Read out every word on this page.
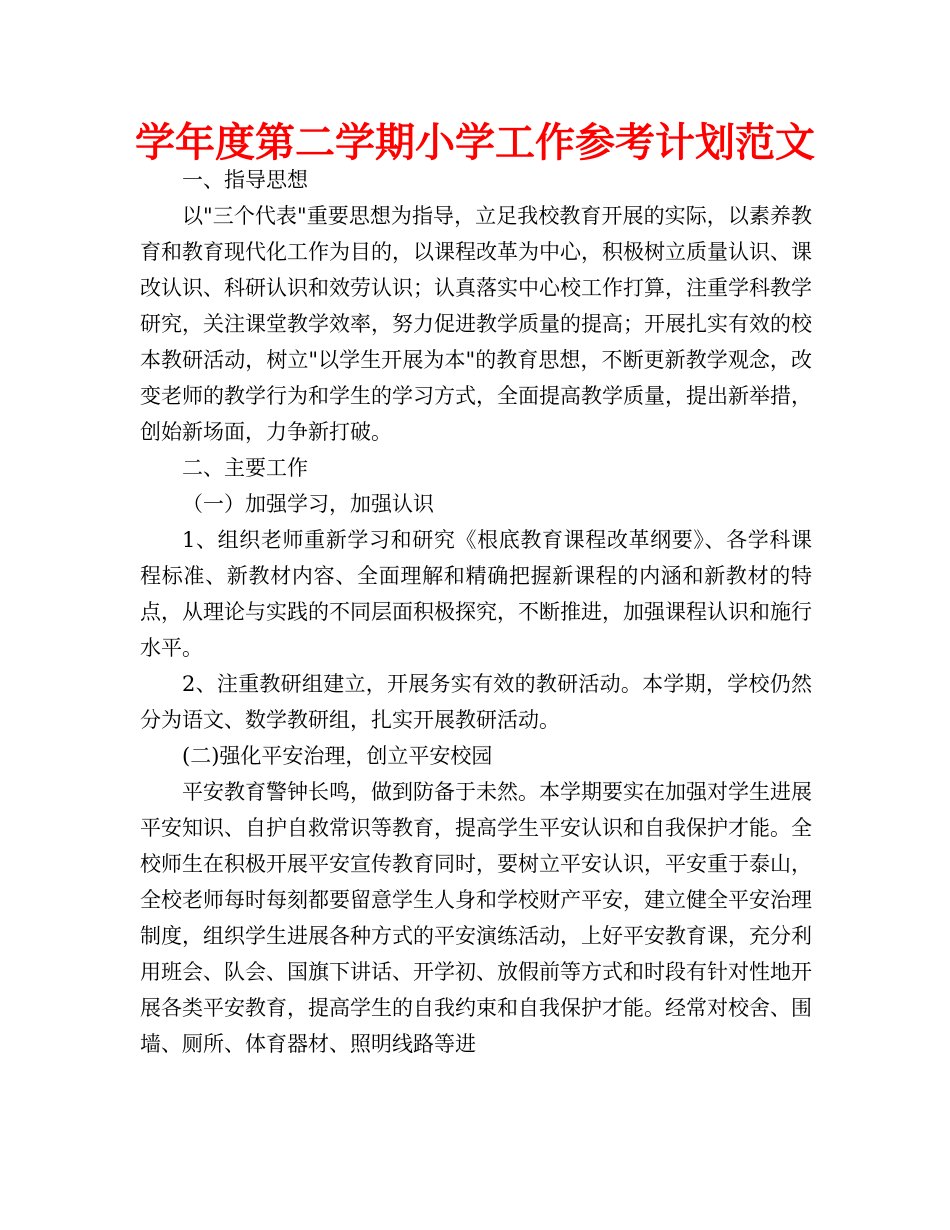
学年度第二学期小学工作参考计划范文

一、指导思想

以"三个代表"重要思想为指导，立足我校教育开展的实际，以素养教育和教育现代化工作为目的，以课程改革为中心，积极树立质量认识、课改认识、科研认识和效劳认识；认真落实中心校工作打算，注重学科教学研究，关注课堂教学效率，努力促进教学质量的提高；开展扎实有效的校本教研活动，树立"以学生开展为本"的教育思想，不断更新教学观念，改变老师的教学行为和学生的学习方式，全面提高教学质量，提出新举措，创始新场面，力争新打破。

二、主要工作

（一）加强学习，加强认识

1、组织老师重新学习和研究《根底教育课程改革纲要》、各学科课程标准、新教材内容、全面理解和精确把握新课程的内涵和新教材的特点，从理论与实践的不同层面积极探究，不断推进，加强课程认识和施行水平。

2、注重教研组建立，开展务实有效的教研活动。本学期，学校仍然分为语文、数学教研组，扎实开展教研活动。

(二)强化平安治理，创立平安校园

平安教育警钟长鸣，做到防备于未然。本学期要实在加强对学生进展平安知识、自护自救常识等教育，提高学生平安认识和自我保护才能。全校师生在积极开展平安宣传教育同时，要树立平安认识，平安重于泰山，全校老师每时每刻都要留意学生人身和学校财产平安，建立健全平安治理制度，组织学生进展各种方式的平安演练活动，上好平安教育课，充分利用班会、队会、国旗下讲话、开学初、放假前等方式和时段有针对性地开展各类平安教育，提高学生的自我约束和自我保护才能。经常对校舍、围墙、厕所、体育器材、照明线路等进
